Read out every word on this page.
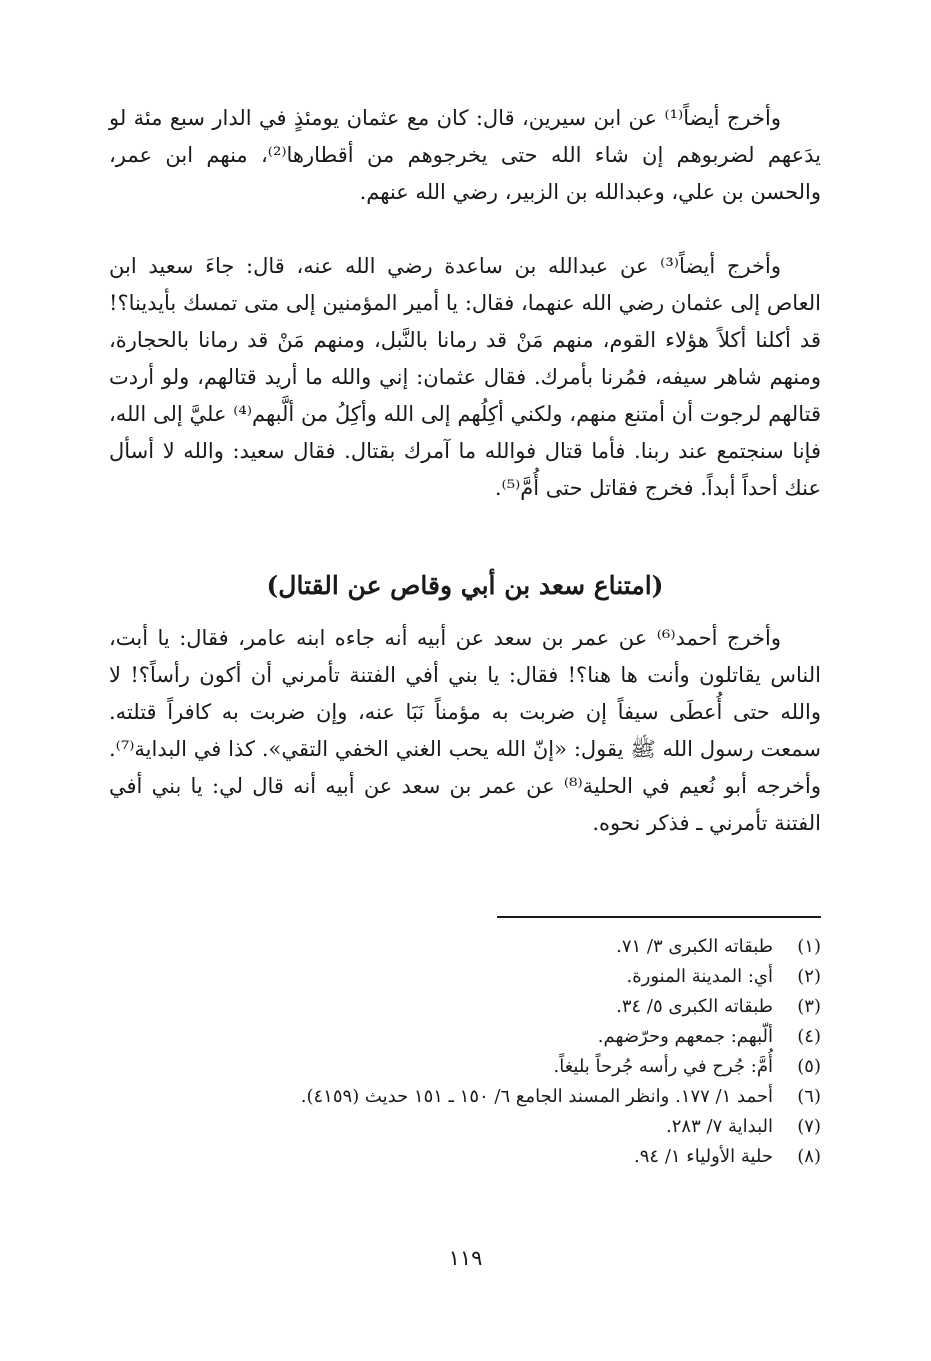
وأخرج أيضاً⁽¹⁾ عن ابن سيرين، قال: كان مع عثمان يومئذٍ في الدار سبع مئة لو يدَعهم لضربوهم إن شاء الله حتى يخرجوهم من أقطارها⁽²⁾، منهم ابن عمر، والحسن بن علي، وعبدالله بن الزبير، رضي الله عنهم.

وأخرج أيضاً⁽³⁾ عن عبدالله بن ساعدة رضي الله عنه، قال: جاءَ سعيد ابن العاص إلى عثمان رضي الله عنهما، فقال: يا أمير المؤمنين إلى متى تمسك بأيدينا؟! قد أكلنا أكلاً هؤلاء القوم، منهم مَنْ قد رمانا بالنَّبل، ومنهم مَنْ قد رمانا بالحجارة، ومنهم شاهر سيفه، فمُرنا بأمرك. فقال عثمان: إني والله ما أريد قتالهم، ولو أردت قتالهم لرجوت أن أمتنع منهم، ولكني أكِلُهم إلى الله وأكِلُ من ألَّبهم⁽⁴⁾ عليَّ إلى الله، فإنا سنجتمع عند ربنا. فأما قتال فوالله ما آمرك بقتال. فقال سعيد: والله لا أسأل عنك أحداً أبداً. فخرج فقاتل حتى أُمَّ⁽⁵⁾.

(امتناع سعد بن أبي وقاص عن القتال)

وأخرج أحمد⁽⁶⁾ عن عمر بن سعد عن أبيه أنه جاءه ابنه عامر، فقال: يا أبت، الناس يقاتلون وأنت ها هنا؟! فقال: يا بني أفي الفتنة تأمرني أن أكون رأساً؟! لا والله حتى أُعطَى سيفاً إن ضربت به مؤمناً نَبَا عنه، وإن ضربت به كافراً قتلته. سمعت رسول الله ﷺ يقول: «إنّ الله يحب الغني الخفي التقي». كذا في البداية⁽⁷⁾. وأخرجه أبو نُعيم في الحلية⁽⁸⁾ عن عمر بن سعد عن أبيه أنه قال لي: يا بني أفي الفتنة تأمرني ـ فذكر نحوه.

(١)
طبقاته الكبرى ٣/ ٧١.
(٢)
أي: المدينة المنورة.
(٣)
طبقاته الكبرى ٥/ ٣٤.
(٤)
ألّبهم: جمعهم وحرّضهم.
(٥)
أُمَّ: جُرح في رأسه جُرحاً بليغاً.
(٦)
أحمد ١/ ١٧٧. وانظر المسند الجامع ٦/ ١٥٠ ـ ١٥١ حديث (٤١٥٩).
(٧)
البداية ٧/ ٢٨٣.
(٨)
حلية الأولياء ١/ ٩٤.
١١٩
